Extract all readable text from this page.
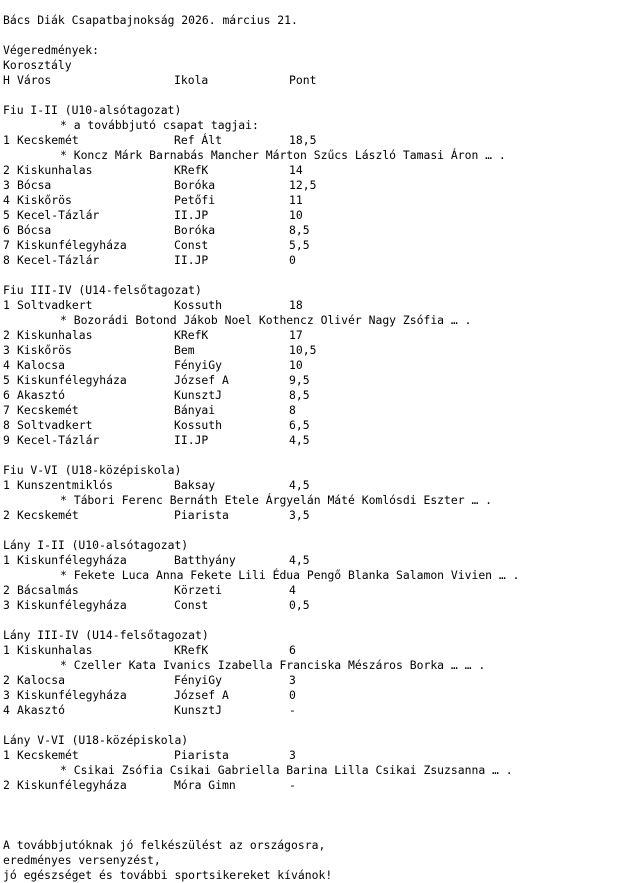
Bács Diák Csapatbajnokság 2026. március 21.
Végeredmények:
Korosztály
H Város	Ikola	Pont
Fiu I-II (U10-alsótagozat)
* a továbbjutó csapat tagjai:
1 Kecskemét	Ref Ált	18,5
* Koncz Márk Barnabás Mancher Márton Szűcs László Tamasi Áron … .
2 Kiskunhalas	KRefK	14
3 Bócsa	Boróka	12,5
4 Kiskőrös	Petőfi	11
5 Kecel-Tázlár	II.JP	10
6 Bócsa	Boróka	8,5
7 Kiskunfélegyháza	Const	5,5
8 Kecel-Tázlár	II.JP	0
Fiu III-IV (U14-felsőtagozat)
1 Soltvadkert	Kossuth	18
* Bozorádi Botond Jákob Noel Kothencz Olivér Nagy Zsófia … .
2 Kiskunhalas	KRefK	17
3 Kiskőrös	Bem	10,5
4 Kalocsa	FényiGy	10
5 Kiskunfélegyháza	József A	9,5
6 Akasztó	KunsztJ	8,5
7 Kecskemét	Bányai	8
8 Soltvadkert	Kossuth	6,5
9 Kecel-Tázlár	II.JP	4,5
Fiu V-VI (U18-középiskola)
1 Kunszentmiklós	Baksay	4,5
* Tábori Ferenc Bernáth Etele Árgyelán Máté Komlósdi Eszter … .
2 Kecskemét	Piarista	3,5
Lány I-II (U10-alsótagozat)
1 Kiskunfélegyháza	Batthyány	4,5
* Fekete Luca Anna Fekete Lili Édua Pengő Blanka Salamon Vivien … .
2 Bácsalmás	Körzeti	4
3 Kiskunfélegyháza	Const	0,5
Lány III-IV (U14-felsőtagozat)
1 Kiskunhalas	KRefK	6
* Czeller Kata Ivanics Izabella Franciska Mészáros Borka … … .
2 Kalocsa	FényiGy	3
3 Kiskunfélegyháza	József A	0
4 Akasztó	KunsztJ	-
Lány V-VI (U18-középiskola)
1 Kecskemét	Piarista	3
* Csikai Zsófia Csikai Gabriella Barina Lilla Csikai Zsuzsanna … .
2 Kiskunfélegyháza	Móra Gimn	-
A továbbjutóknak jó felkészülést az országosra,
eredményes versenyzést,
jó egészséget és további sportsikereket kívánok!
